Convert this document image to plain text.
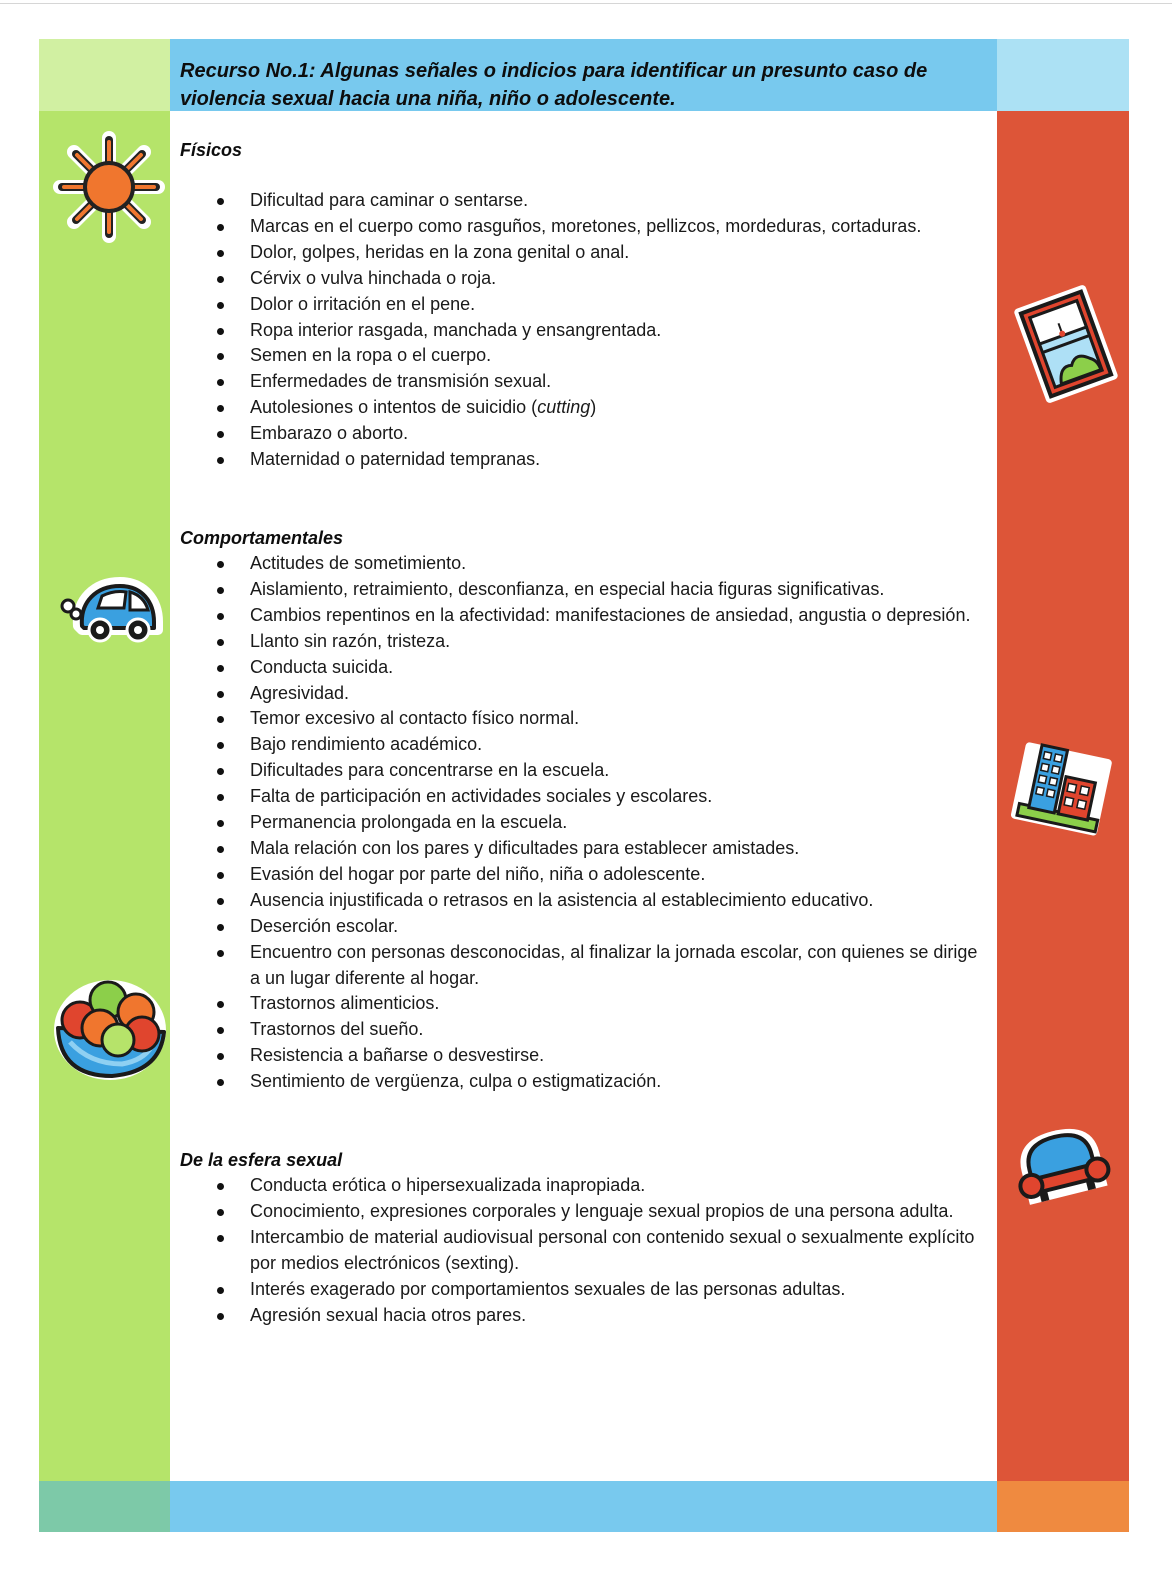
Recurso No.1: Algunas señales o indicios para identificar un presunto caso de violencia sexual hacia una niña, niño o adolescente.
Físicos
Dificultad para caminar o sentarse.
Marcas en el cuerpo como rasguños, moretones, pellizcos, mordeduras, cortaduras.
Dolor, golpes, heridas en la zona genital o anal.
Cérvix o vulva hinchada o roja.
Dolor o irritación en el pene.
Ropa interior rasgada, manchada y ensangrentada.
Semen en la ropa o el cuerpo.
Enfermedades de transmisión sexual.
Autolesiones o intentos de suicidio (cutting)
Embarazo o aborto.
Maternidad o paternidad tempranas.
Comportamentales
Actitudes de sometimiento.
Aislamiento, retraimiento, desconfianza, en especial hacia figuras significativas.
Cambios repentinos en la afectividad: manifestaciones de ansiedad, angustia o depresión.
Llanto sin razón, tristeza.
Conducta suicida.
Agresividad.
Temor excesivo al contacto físico normal.
Bajo rendimiento académico.
Dificultades para concentrarse en la escuela.
Falta de participación en actividades sociales y escolares.
Permanencia prolongada en la escuela.
Mala relación con los pares y dificultades para establecer amistades.
Evasión del hogar por parte del niño, niña o adolescente.
Ausencia injustificada o retrasos en la asistencia al establecimiento educativo.
Deserción escolar.
Encuentro con personas desconocidas, al finalizar la jornada escolar, con quienes se dirige a un lugar diferente al hogar.
Trastornos alimenticios.
Trastornos del sueño.
Resistencia a bañarse o desvestirse.
Sentimiento de vergüenza, culpa o estigmatización.
De la esfera sexual
Conducta erótica o hipersexualizada inapropiada.
Conocimiento, expresiones corporales y lenguaje sexual propios de una persona adulta.
Intercambio de material audiovisual personal con contenido sexual o sexualmente explícito por medios electrónicos (sexting).
Interés exagerado por comportamientos sexuales de las personas adultas.
Agresión sexual hacia otros pares.
